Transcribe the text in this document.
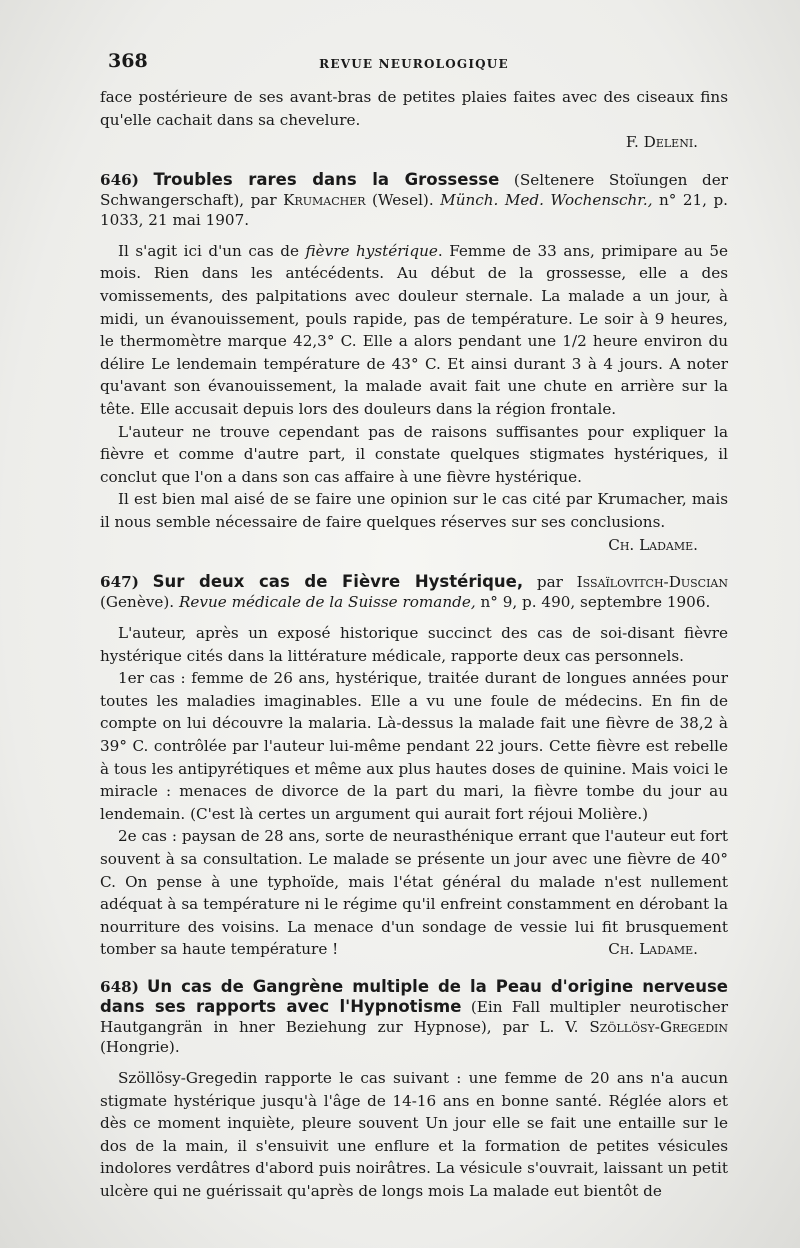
368	REVUE NEUROLOGIQUE

face postérieure de ses avant-bras de petites plaies faites avec des ciseaux fins qu'elle cachait dans sa chevelure.

F. Deleni.

646) Troubles rares dans la Grossesse (Seltenere Stoïungen der Schwangerschaft), par Krumacher (Wesel). Münch. Med. Wochenschr., n° 21, p. 1033, 21 mai 1907.

Il s'agit ici d'un cas de fièvre hystérique. Femme de 33 ans, primipare au 5e mois. Rien dans les antécédents. Au début de la grossesse, elle a des vomissements, des palpitations avec douleur sternale. La malade a un jour, à midi, un évanouissement, pouls rapide, pas de température. Le soir à 9 heures, le thermomètre marque 42,3° C. Elle a alors pendant une 1/2 heure environ du délire Le lendemain température de 43° C. Et ainsi durant 3 à 4 jours. A noter qu'avant son évanouissement, la malade avait fait une chute en arrière sur la tête. Elle accusait depuis lors des douleurs dans la région frontale.

L'auteur ne trouve cependant pas de raisons suffisantes pour expliquer la fièvre et comme d'autre part, il constate quelques stigmates hystériques, il conclut que l'on a dans son cas affaire à une fièvre hystérique.

Il est bien mal aisé de se faire une opinion sur le cas cité par Krumacher, mais il nous semble nécessaire de faire quelques réserves sur ses conclusions.

Ch. Ladame.

647) Sur deux cas de Fièvre Hystérique, par Issaïlovitch-Duscian (Genève). Revue médicale de la Suisse romande, n° 9, p. 490, septembre 1906.

L'auteur, après un exposé historique succinct des cas de soi-disant fièvre hystérique cités dans la littérature médicale, rapporte deux cas personnels.

1er cas : femme de 26 ans, hystérique, traitée durant de longues années pour toutes les maladies imaginables. Elle a vu une foule de médecins. En fin de compte on lui découvre la malaria. Là-dessus la malade fait une fièvre de 38,2 à 39° C. contrôlée par l'auteur lui-même pendant 22 jours. Cette fièvre est rebelle à tous les antipyrétiques et même aux plus hautes doses de quinine. Mais voici le miracle : menaces de divorce de la part du mari, la fièvre tombe du jour au lendemain. (C'est là certes un argument qui aurait fort réjoui Molière.)

2e cas : paysan de 28 ans, sorte de neurasthénique errant que l'auteur eut fort souvent à sa consultation. Le malade se présente un jour avec une fièvre de 40° C. On pense à une typhoïde, mais l'état général du malade n'est nullement adéquat à sa température ni le régime qu'il enfreint constamment en dérobant la nourriture des voisins. La menace d'un sondage de vessie lui fit brusquement tomber sa haute température !	Ch. Ladame.

648) Un cas de Gangrène multiple de la Peau d'origine nerveuse dans ses rapports avec l'Hypnotisme (Ein Fall multipler neurotischer Hautgangrän in hner Beziehung zur Hypnose), par L. V. Szöllösy-Gregedin (Hongrie).

Szöllösy-Gregedin rapporte le cas suivant : une femme de 20 ans n'a aucun stigmate hystérique jusqu'à l'âge de 14-16 ans en bonne santé. Réglée alors et dès ce moment inquiète, pleure souvent Un jour elle se fait une entaille sur le dos de la main, il s'ensuivit une enflure et la formation de petites vésicules indolores verdâtres d'abord puis noirâtres. La vésicule s'ouvrait, laissant un petit ulcère qui ne guérissait qu'après de longs mois La malade eut bientôt de
